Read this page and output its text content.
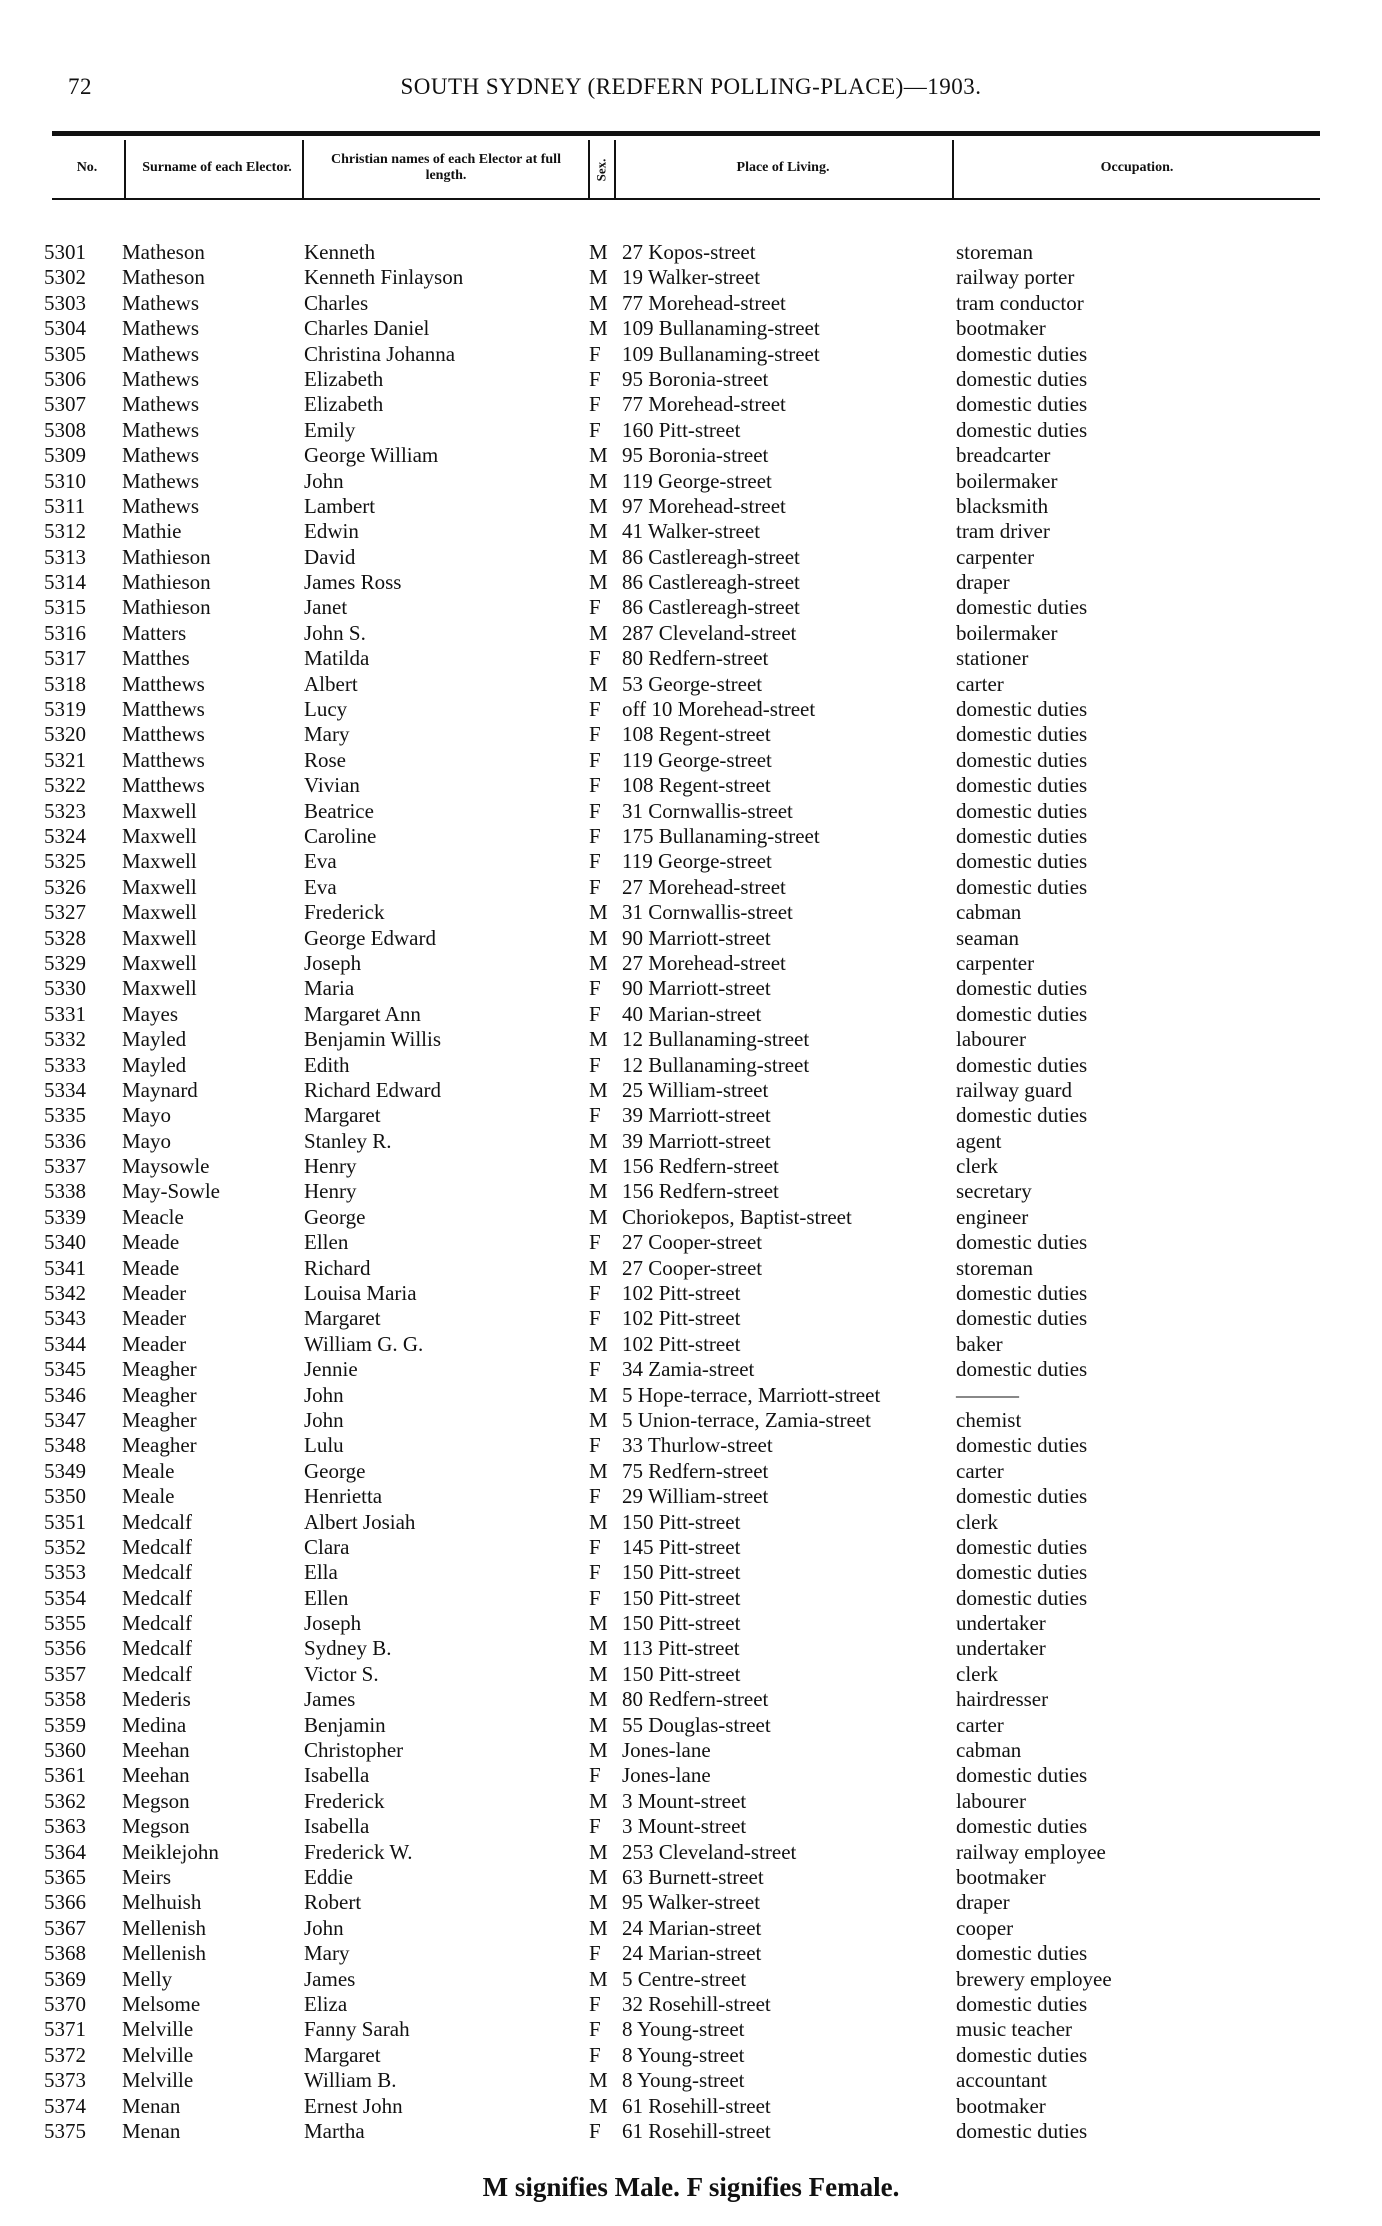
72	SOUTH SYDNEY (REDFERN POLLING-PLACE)—1903.
No.	Surname of each Elector.
Christian names of each Elector at full length.	Sex.	Place of Living.	Occupation.
5301 Matheson	Kenneth	M 27 Kopos-street	storeman
5302 Matheson	Kenneth Finlayson	M 19 Walker-street	railway porter
5303 Mathews	Charles	M 77 Morehead-street	tram conductor
5304 Mathews	Charles Daniel	M 109 Bullanaming-street	bootmaker
5305 Mathews	Christina Johanna	F 109 Bullanaming-street	domestic duties
5306 Mathews	Elizabeth	F 95 Boronia-street	domestic duties
5307 Mathews	Elizabeth	F 77 Morehead-street	domestic duties
5308 Mathews	Emily	F 160 Pitt-street	domestic duties
5309 Mathews	George William	M 95 Boronia-street	breadcarter
5310 Mathews	John	M 119 George-street	boilermaker
5311 Mathews	Lambert	M 97 Morehead-street	blacksmith
5312 Mathie	Edwin	M 41 Walker-street	tram driver
5313 Mathieson	David	M 86 Castlereagh-street	carpenter
5314 Mathieson	James Ross	M 86 Castlereagh-street	draper
5315 Mathieson	Janet	F 86 Castlereagh-street	domestic duties
5316 Matters	John S.	M 287 Cleveland-street	boilermaker
5317 Matthes	Matilda	F 80 Redfern-street	stationer
5318 Matthews	Albert	M 53 George-street	carter
5319 Matthews	Lucy	F off 10 Morehead-street	domestic duties
5320 Matthews	Mary	F 108 Regent-street	domestic duties
5321 Matthews	Rose	F 119 George-street	domestic duties
5322 Matthews	Vivian	F 108 Regent-street	domestic duties
5323 Maxwell	Beatrice	F 31 Cornwallis-street	domestic duties
5324 Maxwell	Caroline	F 175 Bullanaming-street	domestic duties
5325 Maxwell	Eva	F 119 George-street	domestic duties
5326 Maxwell	Eva	F 27 Morehead-street	domestic duties
5327 Maxwell	Frederick	M 31 Cornwallis-street	cabman
5328 Maxwell	George Edward	M 90 Marriott-street	seaman
5329 Maxwell	Joseph	M 27 Morehead-street	carpenter
5330 Maxwell	Maria	F 90 Marriott-street	domestic duties
5331 Mayes	Margaret Ann	F 40 Marian-street	domestic duties
5332 Mayled	Benjamin Willis	M 12 Bullanaming-street	labourer
5333 Mayled	Edith	F 12 Bullanaming-street	domestic duties
5334 Maynard	Richard Edward	M 25 William-street	railway guard
5335 Mayo	Margaret	F 39 Marriott-street	domestic duties
5336 Mayo	Stanley R.	M 39 Marriott-street	agent
5337 Maysowle	Henry	M 156 Redfern-street	clerk
5338 May-Sowle	Henry	M 156 Redfern-street	secretary
5339 Meacle	George	M Choriokepos, Baptist-street	engineer
5340 Meade	Ellen	F 27 Cooper-street	domestic duties
5341 Meade	Richard	M 27 Cooper-street	storeman
5342 Meader	Louisa Maria	F 102 Pitt-street	domestic duties
5343 Meader	Margaret	F 102 Pitt-street	domestic duties
5344 Meader	William G. G.	M 102 Pitt-street	baker
5345 Meagher	Jennie	F 34 Zamia-street	domestic duties
5346 Meagher	John	M 5 Hope-terrace, Marriott-street	———
5347 Meagher	John	M 5 Union-terrace, Zamia-street	chemist
5348 Meagher	Lulu	F 33 Thurlow-street	domestic duties
5349 Meale	George	M 75 Redfern-street	carter
5350 Meale	Henrietta	F 29 William-street	domestic duties
5351 Medcalf	Albert Josiah	M 150 Pitt-street	clerk
5352 Medcalf	Clara	F 145 Pitt-street	domestic duties
5353 Medcalf	Ella	F 150 Pitt-street	domestic duties
5354 Medcalf	Ellen	F 150 Pitt-street	domestic duties
5355 Medcalf	Joseph	M 150 Pitt-street	undertaker
5356 Medcalf	Sydney B.	M 113 Pitt-street	undertaker
5357 Medcalf	Victor S.	M 150 Pitt-street	clerk
5358 Mederis	James	M 80 Redfern-street	hairdresser
5359 Medina	Benjamin	M 55 Douglas-street	carter
5360 Meehan	Christopher	M Jones-lane	cabman
5361 Meehan	Isabella	F Jones-lane	domestic duties
5362 Megson	Frederick	M 3 Mount-street	labourer
5363 Megson	Isabella	F 3 Mount-street	domestic duties
5364 Meiklejohn	Frederick W.	M 253 Cleveland-street	railway employee
5365 Meirs	Eddie	M 63 Burnett-street	bootmaker
5366 Melhuish	Robert	M 95 Walker-street	draper
5367 Mellenish	John	M 24 Marian-street	cooper
5368 Mellenish	Mary	F 24 Marian-street	domestic duties
5369 Melly	James	M 5 Centre-street	brewery employee
5370 Melsome	Eliza	F 32 Rosehill-street	domestic duties
5371 Melville	Fanny Sarah	F 8 Young-street	music teacher
5372 Melville	Margaret	F 8 Young-street	domestic duties
5373 Melville	William B.	M 8 Young-street	accountant
5374 Menan	Ernest John	M 61 Rosehill-street	bootmaker
5375 Menan	Martha	F 61 Rosehill-street	domestic duties
M signifies Male. F signifies Female.
